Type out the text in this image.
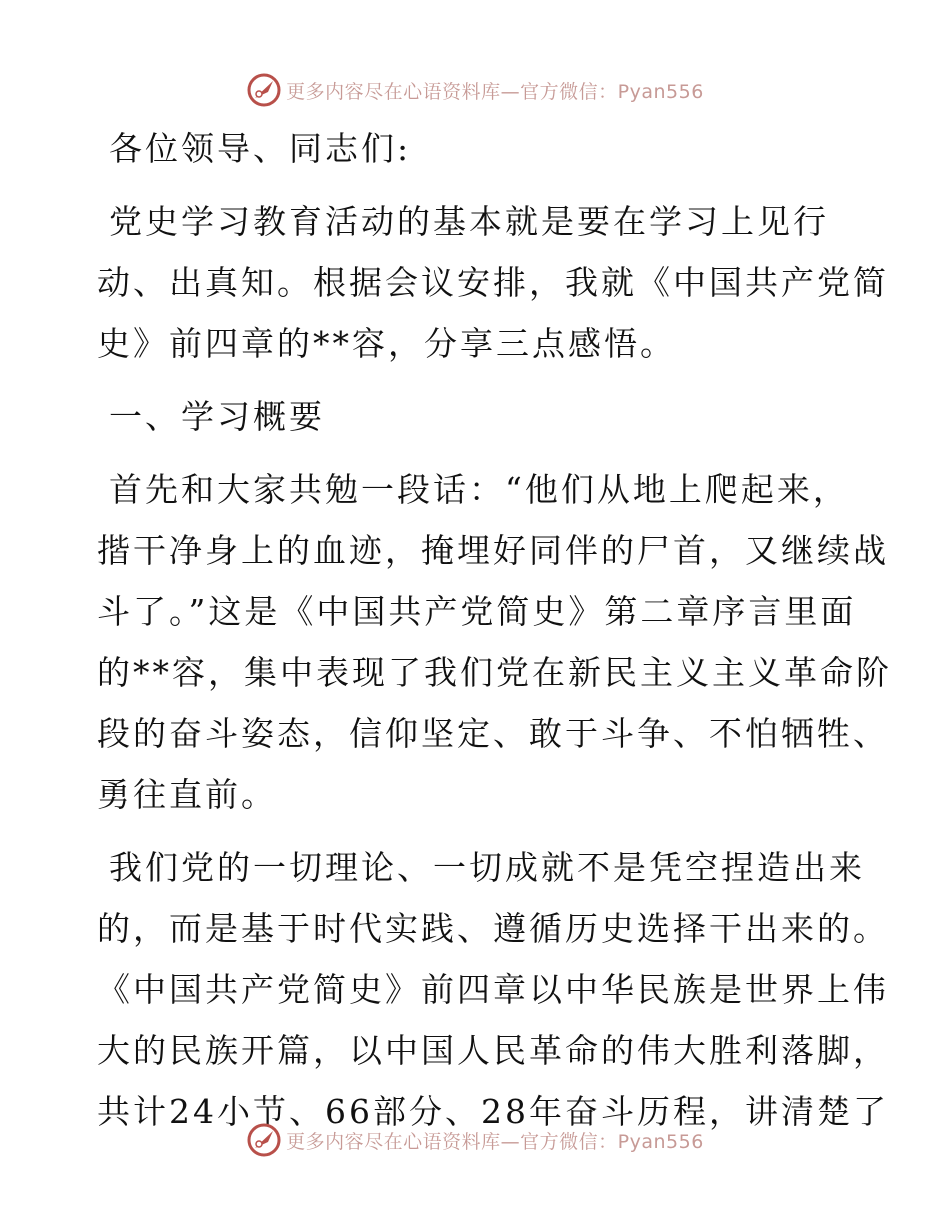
更多内容尽在心语资料库—官方微信：Pyan556

各位领导、同志们:

党史学习教育活动的基本就是要在学习上见行
动、出真知。根据会议安排，我就《中国共产党简
史》前四章的**容，分享三点感悟。

一、学习概要

首先和大家共勉一段话：“他们从地上爬起来，
揩干净身上的血迹，掩埋好同伴的尸首，又继续战
斗了。”这是《中国共产党简史》第二章序言里面
的**容，集中表现了我们党在新民主义主义革命阶
段的奋斗姿态，信仰坚定、敢于斗争、不怕牺牲、
勇往直前。

我们党的一切理论、一切成就不是凭空捏造出来
的，而是基于时代实践、遵循历史选择干出来的。
《中国共产党简史》前四章以中华民族是世界上伟
大的民族开篇，以中国人民革命的伟大胜利落脚，
共计24小节、66部分、28年奋斗历程，讲清楚了

更多内容尽在心语资料库—官方微信：Pyan556
